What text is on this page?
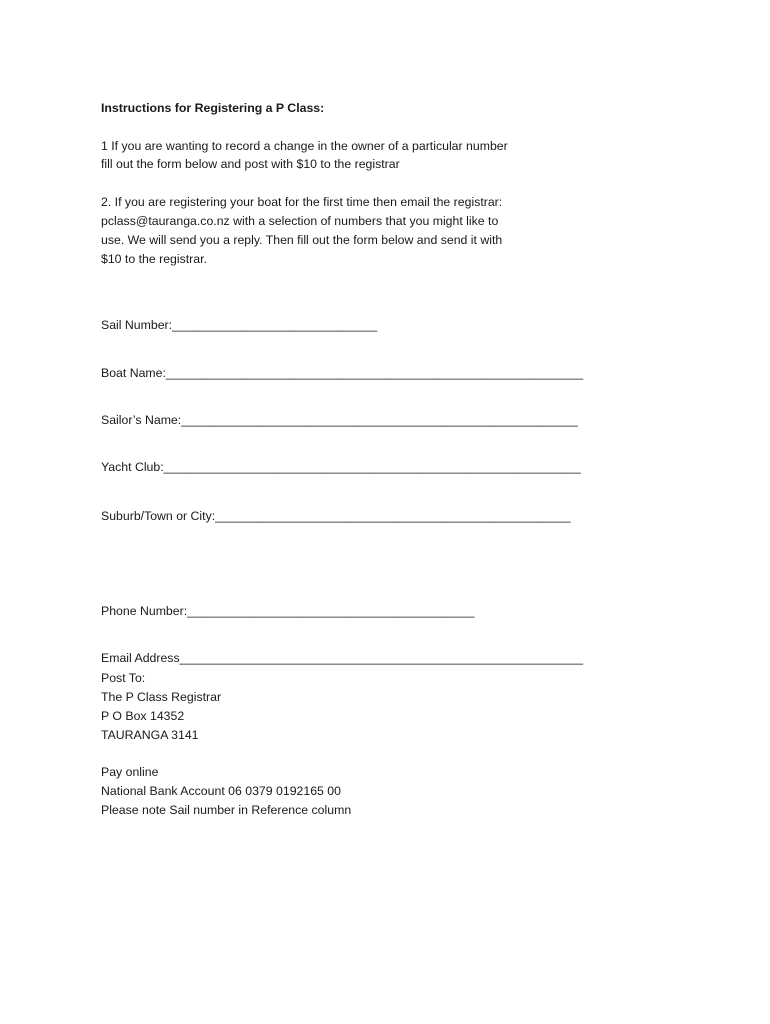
Instructions for Registering a P Class:
1 If you are wanting to record a change in the owner of a particular number
fill out the form below and post with $10 to the registrar
2. If you are registering your boat for the first time then email the registrar:
pclass@tauranga.co.nz with a selection of numbers that you might like to
use. We will send you a reply. Then fill out the form below and send it with
$10 to the registrar.
Sail Number:______________________________
Boat Name:_____________________________________________________________
Sailor’s Name:__________________________________________________________
Yacht Club:_____________________________________________________________
Suburb/Town or City:____________________________________________________
Phone Number:__________________________________________
Email Address___________________________________________________________
Post To:
The P Class Registrar
P O Box 14352
TAURANGA 3141
Pay online
National Bank Account 06 0379 0192165 00
Please note Sail number in Reference column
